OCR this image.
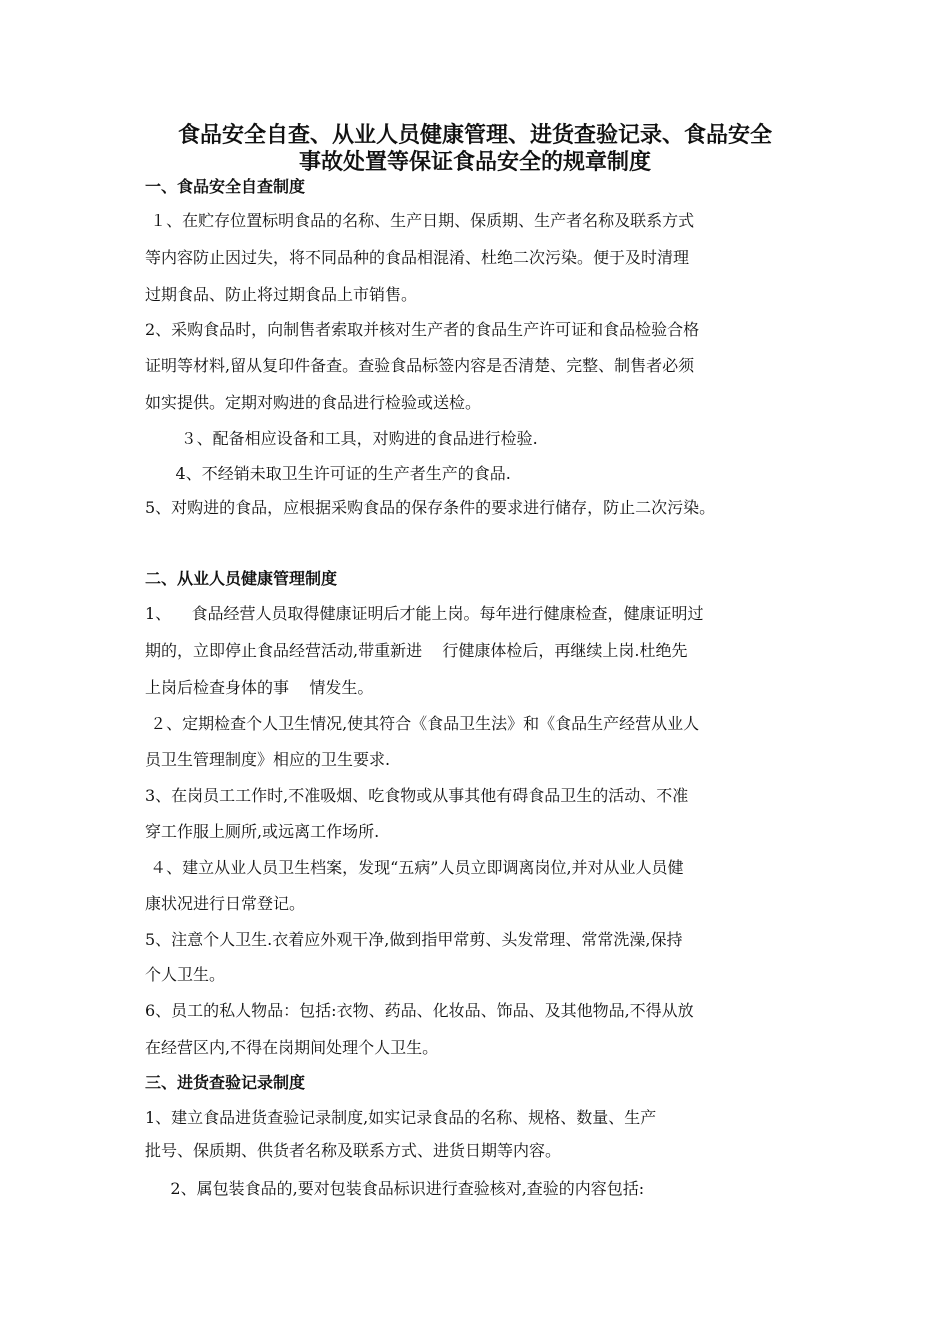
食品安全自查、从业人员健康管理、进货查验记录、食品安全
事故处置等保证食品安全的规章制度
一、食品安全自查制度

１、在贮存位置标明食品的名称、生产日期、保质期、生产者名称及联系方式

等内容防止因过失，将不同品种的食品相混淆、杜绝二次污染。便于及时清理

过期食品、防止将过期食品上市销售。

2、采购食品时，向制售者索取并核对生产者的食品生产许可证和食品检验合格

证明等材料,留从复印件备查。查验食品标签内容是否清楚、完整、制售者必须

如实提供。定期对购进的食品进行检验或送检。

３、配备相应设备和工具，对购进的食品进行检验.

4、不经销未取卫生许可证的生产者生产的食品.

5、对购进的食品，应根据采购食品的保存条件的要求进行储存，防止二次污染。

二、从业人员健康管理制度

1、    食品经营人员取得健康证明后才能上岗。每年进行健康检查，健康证明过

期的，立即停止食品经营活动,带重新进    行健康体检后，再继续上岗.杜绝先

上岗后检查身体的事    情发生。

２、定期检查个人卫生情况,使其符合《食品卫生法》和《食品生产经营从业人

员卫生管理制度》相应的卫生要求.

3、在岗员工工作时,不准吸烟、吃食物或从事其他有碍食品卫生的活动、不准

穿工作服上厕所,或远离工作场所.

４、建立从业人员卫生档案，发现“五病”人员立即调离岗位,并对从业人员健

康状况进行日常登记。

5、注意个人卫生.衣着应外观干净,做到指甲常剪、头发常理、常常洗澡,保持

个人卫生。

6、员工的私人物品：包括:衣物、药品、化妆品、饰品、及其他物品,不得从放

在经营区内,不得在岗期间处理个人卫生。

三、进货查验记录制度

1、建立食品进货查验记录制度,如实记录食品的名称、规格、数量、生产

批号、保质期、供货者名称及联系方式、进货日期等内容。

2、属包装食品的,要对包装食品标识进行查验核对,查验的内容包括:
